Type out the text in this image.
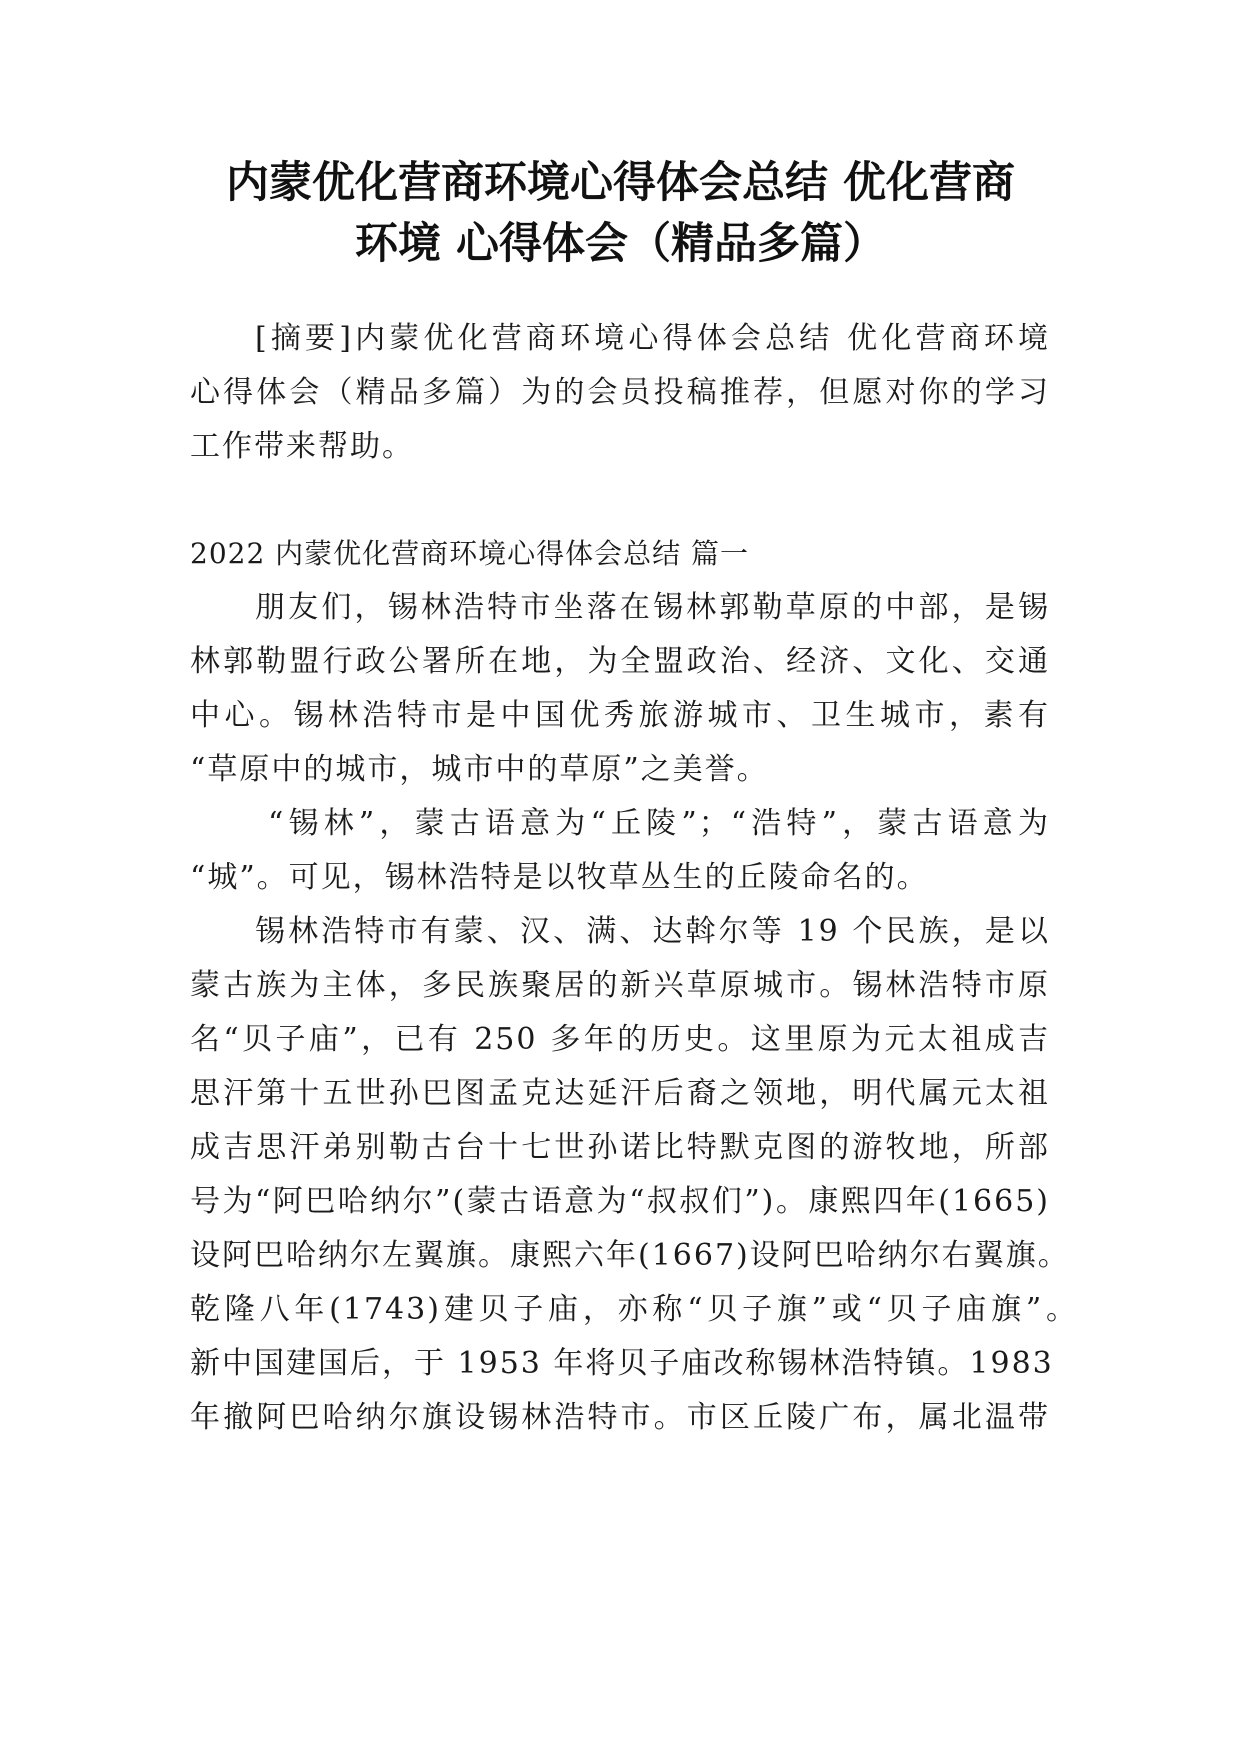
内蒙优化营商环境心得体会总结 优化营商
环境 心得体会（精品多篇）

[摘要]内蒙优化营商环境心得体会总结 优化营商环境

心得体会（精品多篇）为的会员投稿推荐，但愿对你的学习

工作带来帮助。

2022 内蒙优化营商环境心得体会总结 篇一

朋友们，锡林浩特市坐落在锡林郭勒草原的中部，是锡

林郭勒盟行政公署所在地，为全盟政治、经济、文化、交通

中心。锡林浩特市是中国优秀旅游城市、卫生城市，素有

“草原中的城市，城市中的草原”之美誉。

“锡林”，蒙古语意为“丘陵”；“浩特”，蒙古语意为

“城”。可见，锡林浩特是以牧草丛生的丘陵命名的。

锡林浩特市有蒙、汉、满、达斡尔等 19 个民族，是以

蒙古族为主体，多民族聚居的新兴草原城市。锡林浩特市原

名“贝子庙”，已有 250 多年的历史。这里原为元太祖成吉

思汗第十五世孙巴图孟克达延汗后裔之领地，明代属元太祖

成吉思汗弟别勒古台十七世孙诺比特默克图的游牧地，所部

号为“阿巴哈纳尔”(蒙古语意为“叔叔们”)。康熙四年(1665)

设阿巴哈纳尔左翼旗。康熙六年(1667)设阿巴哈纳尔右翼旗。

乾隆八年(1743)建贝子庙，亦称“贝子旗”或“贝子庙旗”。

新中国建国后，于 1953 年将贝子庙改称锡林浩特镇。1983

年撤阿巴哈纳尔旗设锡林浩特市。市区丘陵广布，属北温带
